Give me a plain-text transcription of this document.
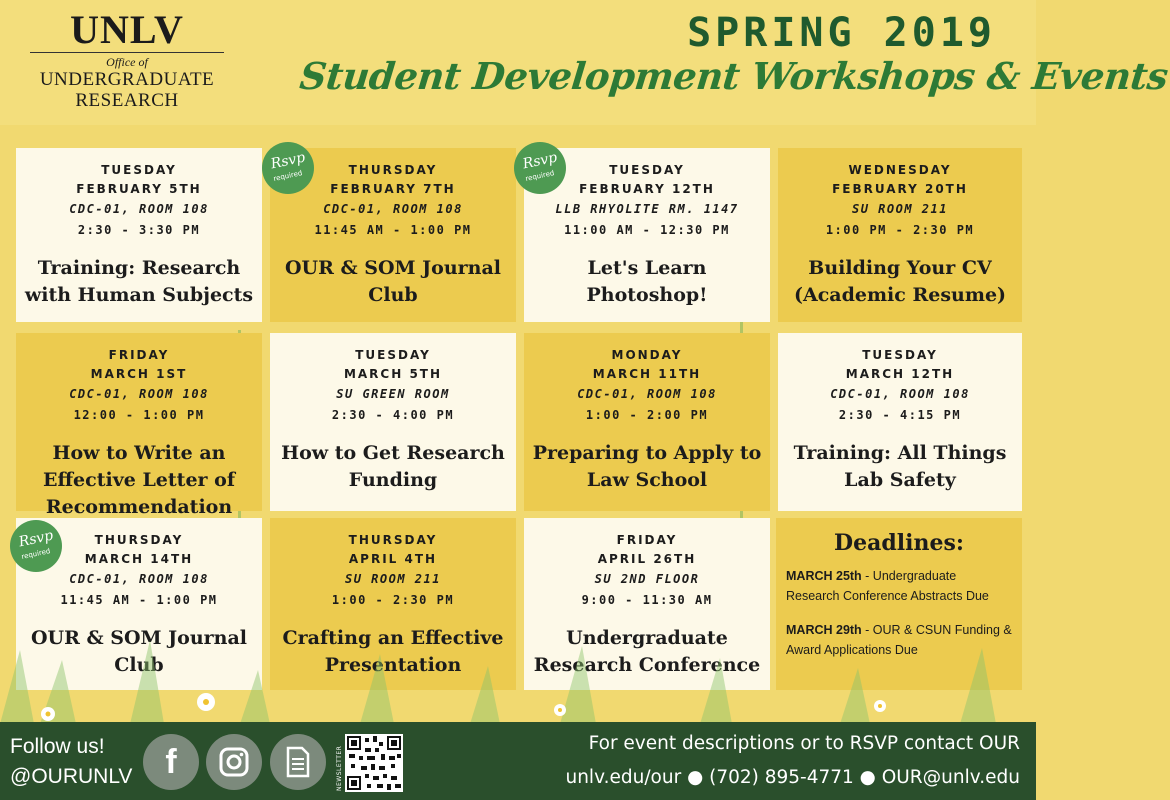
UNLV
Office of
UNDERGRADUATE
RESEARCH
SPRING 2019
Student Development Workshops & Events
TUESDAY
FEBRUARY 5TH
CDC-01, ROOM 108
2:30 - 3:30 PM
Training: Research with Human Subjects
THURSDAY
FEBRUARY 7TH
CDC-01, ROOM 108
11:45 AM - 1:00 PM
OUR & SOM Journal Club
TUESDAY
FEBRUARY 12TH
LLB RHYOLITE RM. 1147
11:00 AM - 12:30 PM
Let's Learn Photoshop!
WEDNESDAY
FEBRUARY 20TH
SU ROOM 211
1:00 PM - 2:30 PM
Building Your CV (Academic Resume)
FRIDAY
MARCH 1ST
CDC-01, ROOM 108
12:00 - 1:00 PM
How to Write an Effective Letter of Recommendation
TUESDAY
MARCH 5TH
SU GREEN ROOM
2:30 - 4:00 PM
How to Get Research Funding
MONDAY
MARCH 11TH
CDC-01, ROOM 108
1:00 - 2:00 PM
Preparing to Apply to Law School
TUESDAY
MARCH 12TH
CDC-01, ROOM 108
2:30 - 4:15 PM
Training: All Things Lab Safety
THURSDAY
MARCH 14TH
CDC-01, ROOM 108
11:45 AM - 1:00 PM
OUR & SOM Journal Club
THURSDAY
APRIL 4TH
SU ROOM 211
1:00 - 2:30 PM
Crafting an Effective Presentation
FRIDAY
APRIL 26TH
SU 2ND FLOOR
9:00 - 11:30 AM
Undergraduate Research Conference
Rsvp
required
Rsvp
required
Rsvp
required	Deadlines:
MARCH 25th - Undergraduate Research Conference Abstracts Due
MARCH 29th - OUR & CSUN Funding & Award Applications Due
Follow us!
@OURUNLV f	NEWSLETTER
For event descriptions or to RSVP contact OUR
unlv.edu/our ● (702) 895-4771 ● OUR@unlv.edu
